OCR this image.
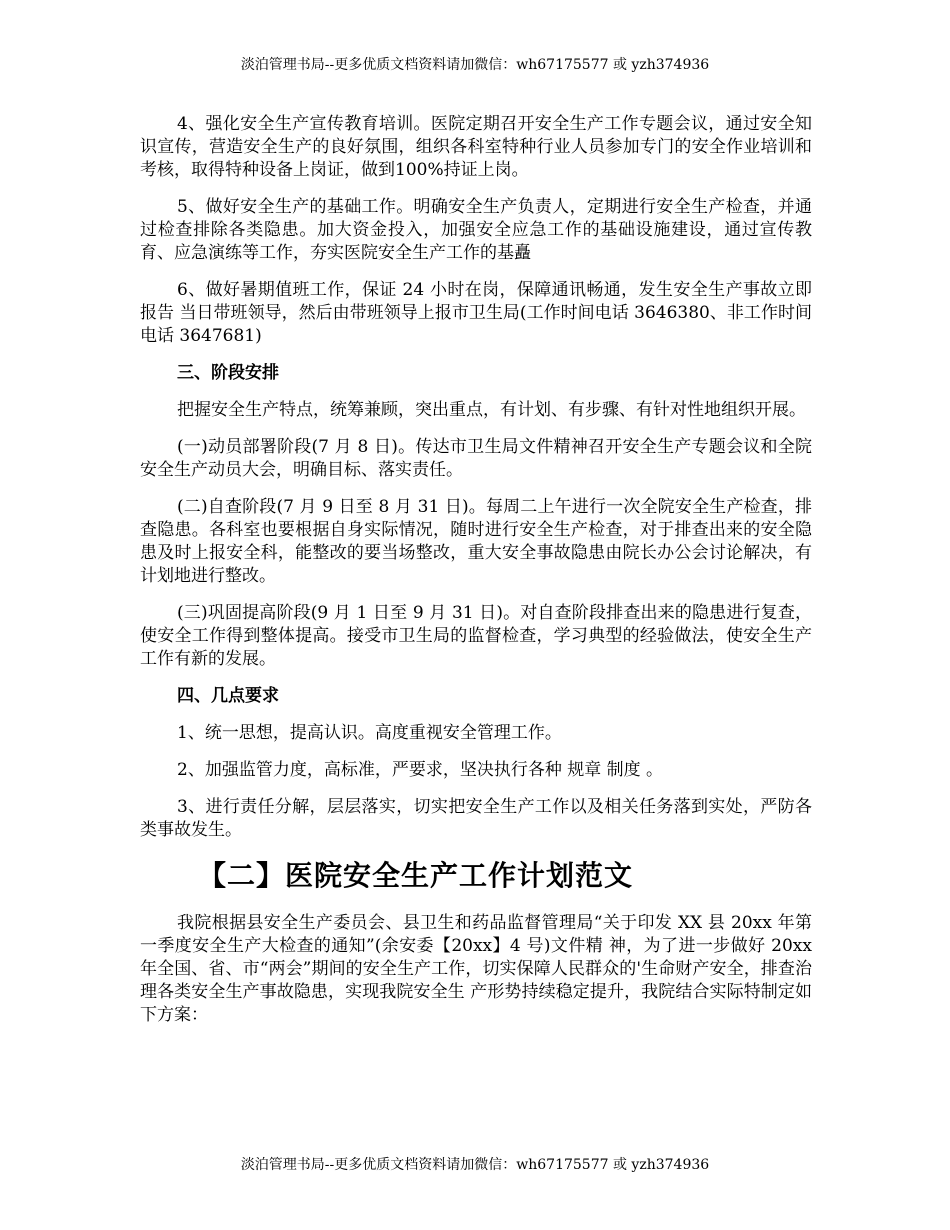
淡泊管理书局--更多优质文档资料请加微信：wh67175577 或 yzh374936

4、强化安全生产宣传教育培训。医院定期召开安全生产工作专题会议，通过安全知识宣传，营造安全生产的良好氛围，组织各科室特种行业人员参加专门的安全作业培训和考核，取得特种设备上岗证，做到100%持证上岗。

5、做好安全生产的基础工作。明确安全生产负责人，定期进行安全生产检查，并通过检查排除各类隐患。加大资金投入，加强安全应急工作的基础设施建设，通过宣传教育、应急演练等工作，夯实医院安全生产工作的基矗

6、做好暑期值班工作，保证 24 小时在岗，保障通讯畅通，发生安全生产事故立即 报告 当日带班领导，然后由带班领导上报市卫生局(工作时间电话 3646380、非工作时间电话 3647681)

三、阶段安排

把握安全生产特点，统筹兼顾，突出重点，有计划、有步骤、有针对性地组织开展。

(一)动员部署阶段(7 月 8 日)。传达市卫生局文件精神召开安全生产专题会议和全院安全生产动员大会，明确目标、落实责任。

(二)自查阶段(7 月 9 日至 8 月 31 日)。每周二上午进行一次全院安全生产检查，排查隐患。各科室也要根据自身实际情况，随时进行安全生产检查，对于排查出来的安全隐患及时上报安全科，能整改的要当场整改，重大安全事故隐患由院长办公会讨论解决，有计划地进行整改。

(三)巩固提高阶段(9 月 1 日至 9 月 31 日)。对自查阶段排查出来的隐患进行复查，使安全工作得到整体提高。接受市卫生局的监督检查，学习典型的经验做法，使安全生产工作有新的发展。

四、几点要求

1、统一思想，提高认识。高度重视安全管理工作。

2、加强监管力度，高标准，严要求，坚决执行各种 规章 制度 。

3、进行责任分解，层层落实，切实把安全生产工作以及相关任务落到实处，严防各类事故发生。

【二】医院安全生产工作计划范文

我院根据县安全生产委员会、县卫生和药品监督管理局“关于印发 XX 县 20xx 年第一季度安全生产大检查的通知”(余安委【20xx】4 号)文件精 神，为了进一步做好 20xx 年全国、省、市“两会”期间的安全生产工作，切实保障人民群众的'生命财产安全，排查治理各类安全生产事故隐患，实现我院安全生 产形势持续稳定提升，我院结合实际特制定如下方案：

淡泊管理书局--更多优质文档资料请加微信：wh67175577 或 yzh374936
